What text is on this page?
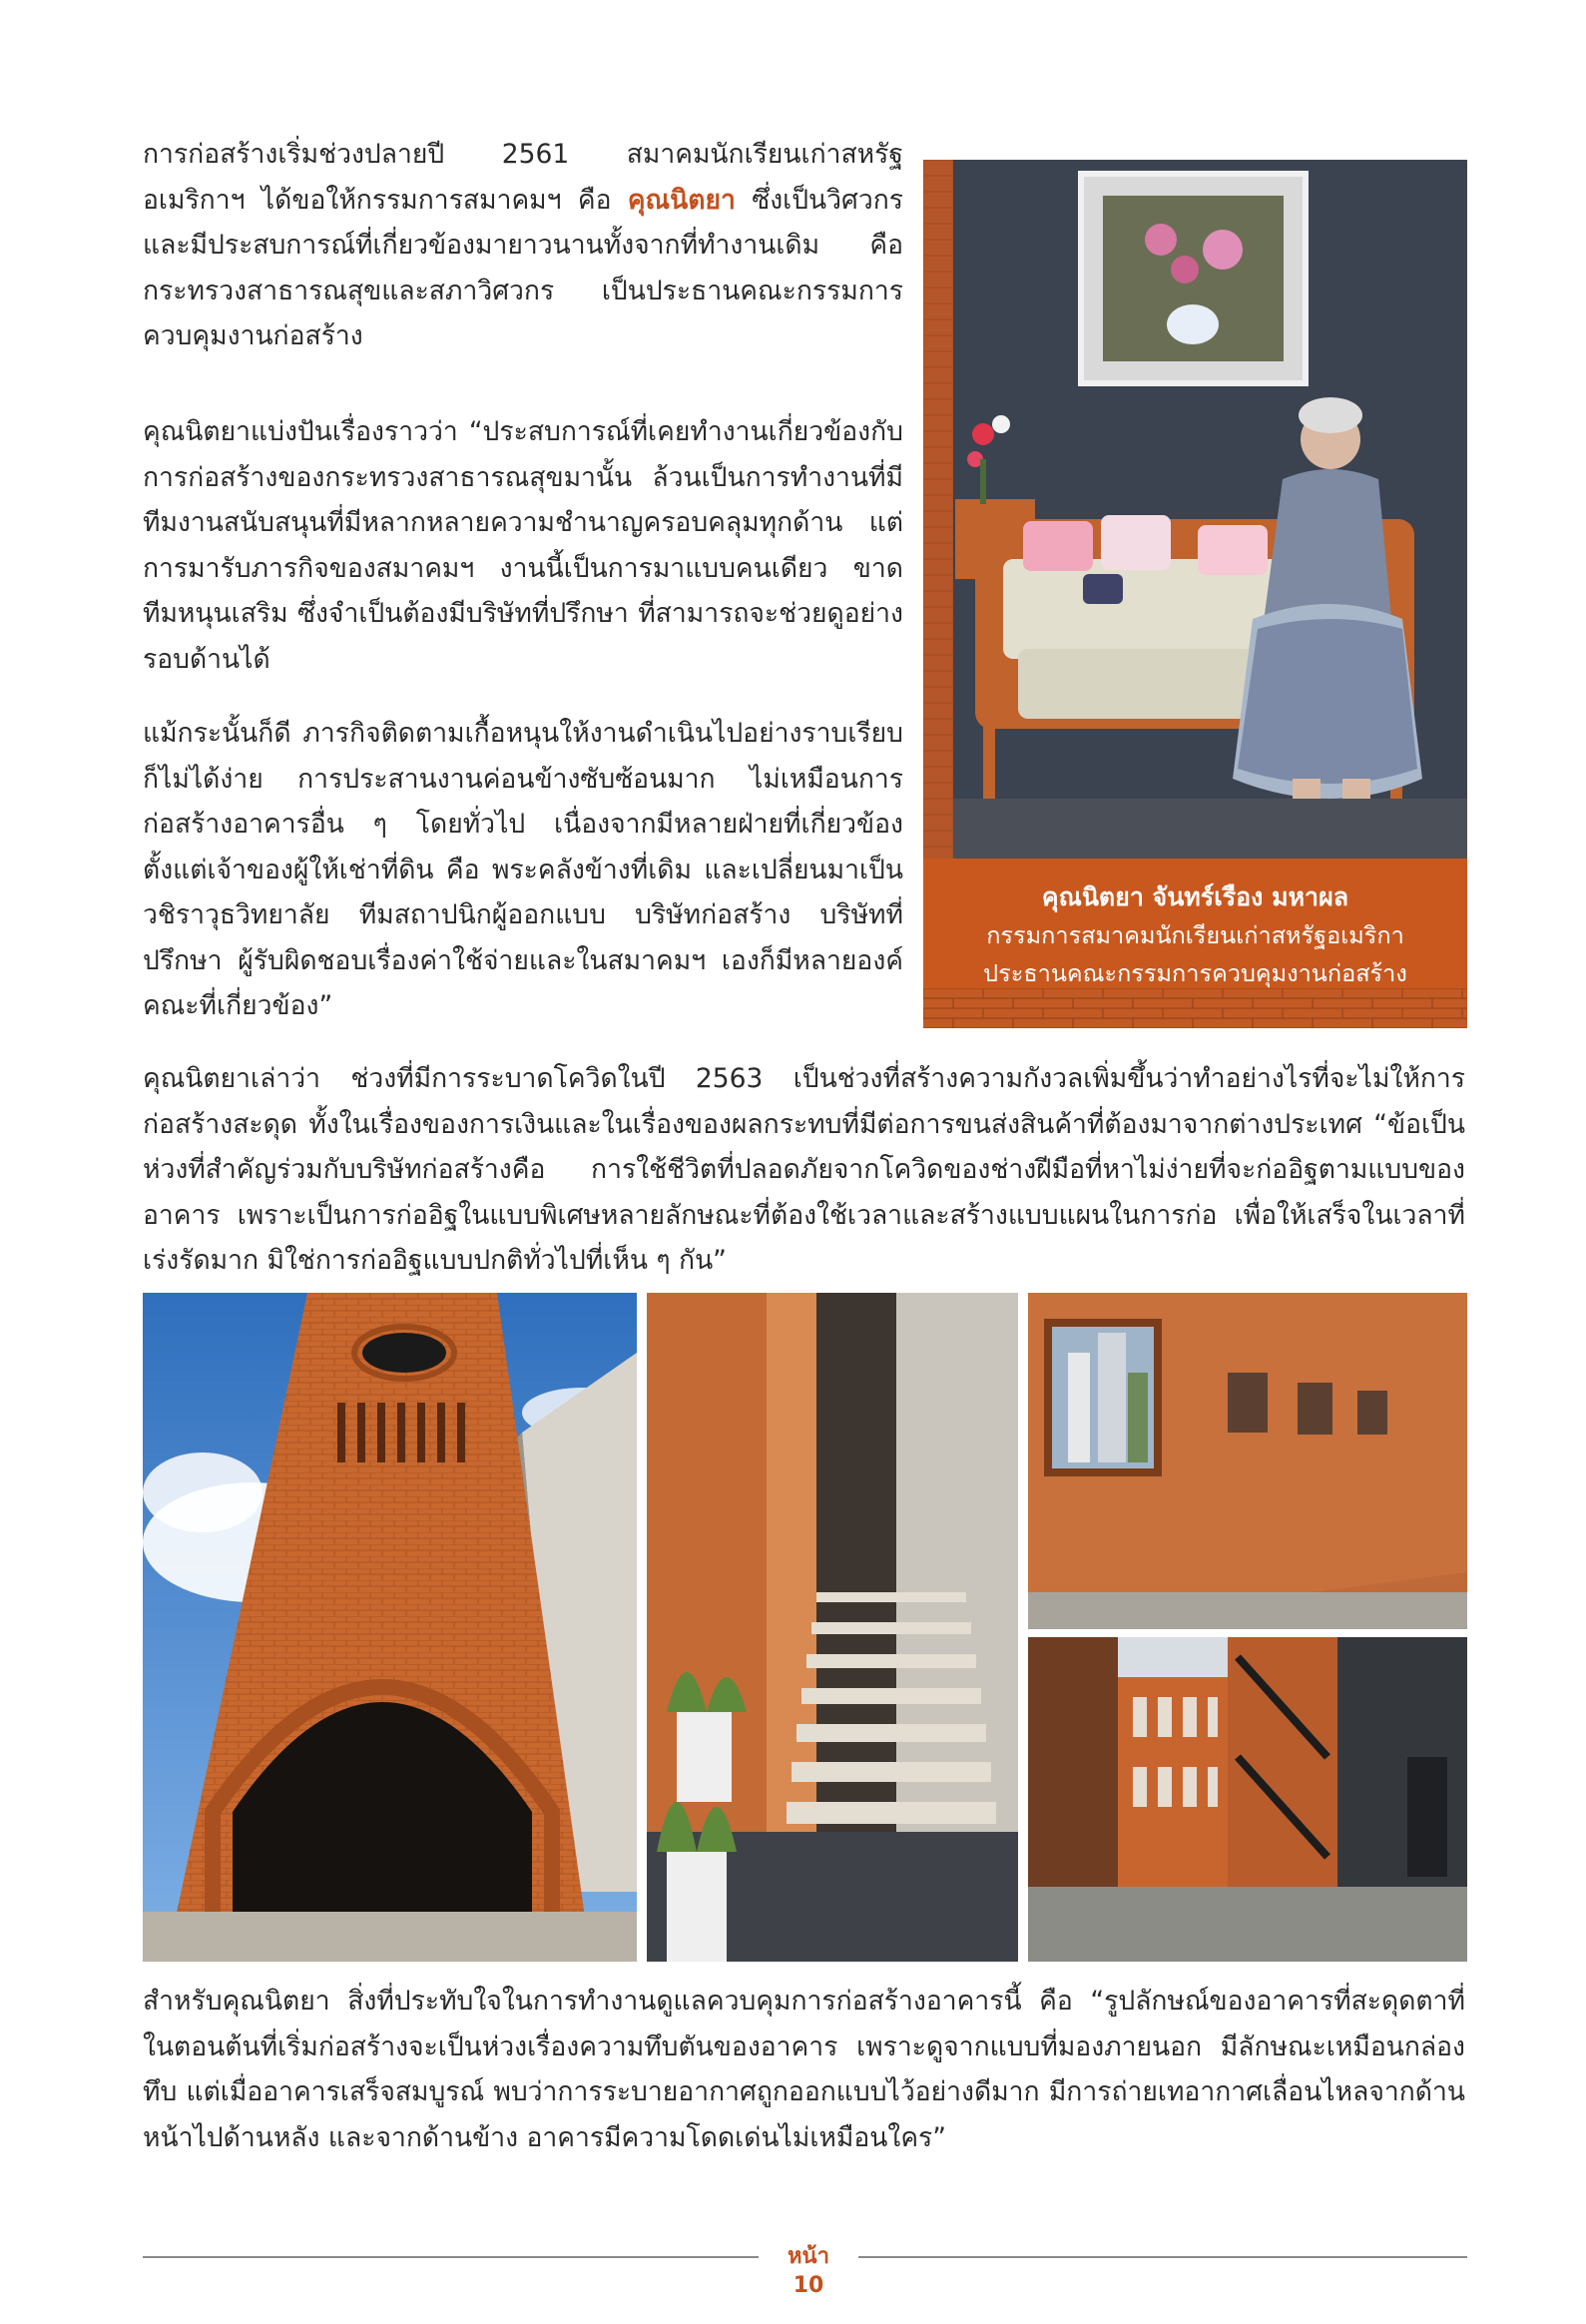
การก่อสร้างเริ่มช่วงปลายปี 2561 สมาคมนักเรียนเก่าสหรัฐอเมริกาฯ ได้ขอให้กรรมการสมาคมฯ คือ คุณนิตยา ซึ่งเป็นวิศวกรและมีประสบการณ์ที่เกี่ยวข้องมายาวนานทั้งจากที่ทำงานเดิม คือ กระทรวงสาธารณสุขและสภาวิศวกร เป็นประธานคณะกรรมการควบคุมงานก่อสร้าง

คุณนิตยาแบ่งปันเรื่องราวว่า “ประสบการณ์ที่เคยทำงานเกี่ยวข้องกับการก่อสร้างของกระทรวงสาธารณสุขมานั้น ล้วนเป็นการทำงานที่มีทีมงานสนับสนุนที่มีหลากหลายความชำนาญครอบคลุมทุกด้าน แต่การมารับภารกิจของสมาคมฯ งานนี้เป็นการมาแบบคนเดียว ขาดทีมหนุนเสริม ซึ่งจำเป็นต้องมีบริษัทที่ปรึกษา ที่สามารถจะช่วยดูอย่างรอบด้านได้

แม้กระนั้นก็ดี ภารกิจติดตามเกื้อหนุนให้งานดำเนินไปอย่างราบเรียบก็ไม่ได้ง่าย การประสานงานค่อนข้างซับซ้อนมาก ไม่เหมือนการก่อสร้างอาคารอื่น ๆ โดยทั่วไป เนื่องจากมีหลายฝ่ายที่เกี่ยวข้อง ตั้งแต่เจ้าของผู้ให้เช่าที่ดิน คือ พระคลังข้างที่เดิม และเปลี่ยนมาเป็นวชิราวุธวิทยาลัย ทีมสถาปนิกผู้ออกแบบ บริษัทก่อสร้าง บริษัทที่ปรึกษา ผู้รับผิดชอบเรื่องค่าใช้จ่ายและในสมาคมฯ เองก็มีหลายองค์คณะที่เกี่ยวข้อง”

คุณนิตยา จันทร์เรือง มหาผล
กรรมการสมาคมนักเรียนเก่าสหรัฐอเมริกา
ประธานคณะกรรมการควบคุมงานก่อสร้าง

คุณนิตยาเล่าว่า ช่วงที่มีการระบาดโควิดในปี 2563 เป็นช่วงที่สร้างความกังวลเพิ่มขึ้นว่าทำอย่างไรที่จะไม่ให้การก่อสร้างสะดุด ทั้งในเรื่องของการเงินและในเรื่องของผลกระทบที่มีต่อการขนส่งสินค้าที่ต้องมาจากต่างประเทศ “ข้อเป็นห่วงที่สำคัญร่วมกับบริษัทก่อสร้างคือ การใช้ชีวิตที่ปลอดภัยจากโควิดของช่างฝีมือที่หาไม่ง่ายที่จะก่ออิฐตามแบบของอาคาร เพราะเป็นการก่ออิฐในแบบพิเศษหลายลักษณะที่ต้องใช้เวลาและสร้างแบบแผนในการก่อ เพื่อให้เสร็จในเวลาที่เร่งรัดมาก มิใช่การก่ออิฐแบบปกติทั่วไปที่เห็น ๆ กัน”

สำหรับคุณนิตยา สิ่งที่ประทับใจในการทำงานดูแลควบคุมการก่อสร้างอาคารนี้ คือ “รูปลักษณ์ของอาคารที่สะดุดตาที่ในตอนต้นที่เริ่มก่อสร้างจะเป็นห่วงเรื่องความทึบตันของอาคาร เพราะดูจากแบบที่มองภายนอก มีลักษณะเหมือนกล่องทึบ แต่เมื่ออาคารเสร็จสมบูรณ์ พบว่าการระบายอากาศถูกออกแบบไว้อย่างดีมาก มีการถ่ายเทอากาศเลื่อนไหลจากด้านหน้าไปด้านหลัง และจากด้านข้าง อาคารมีความโดดเด่นไม่เหมือนใคร”

หน้า 10
